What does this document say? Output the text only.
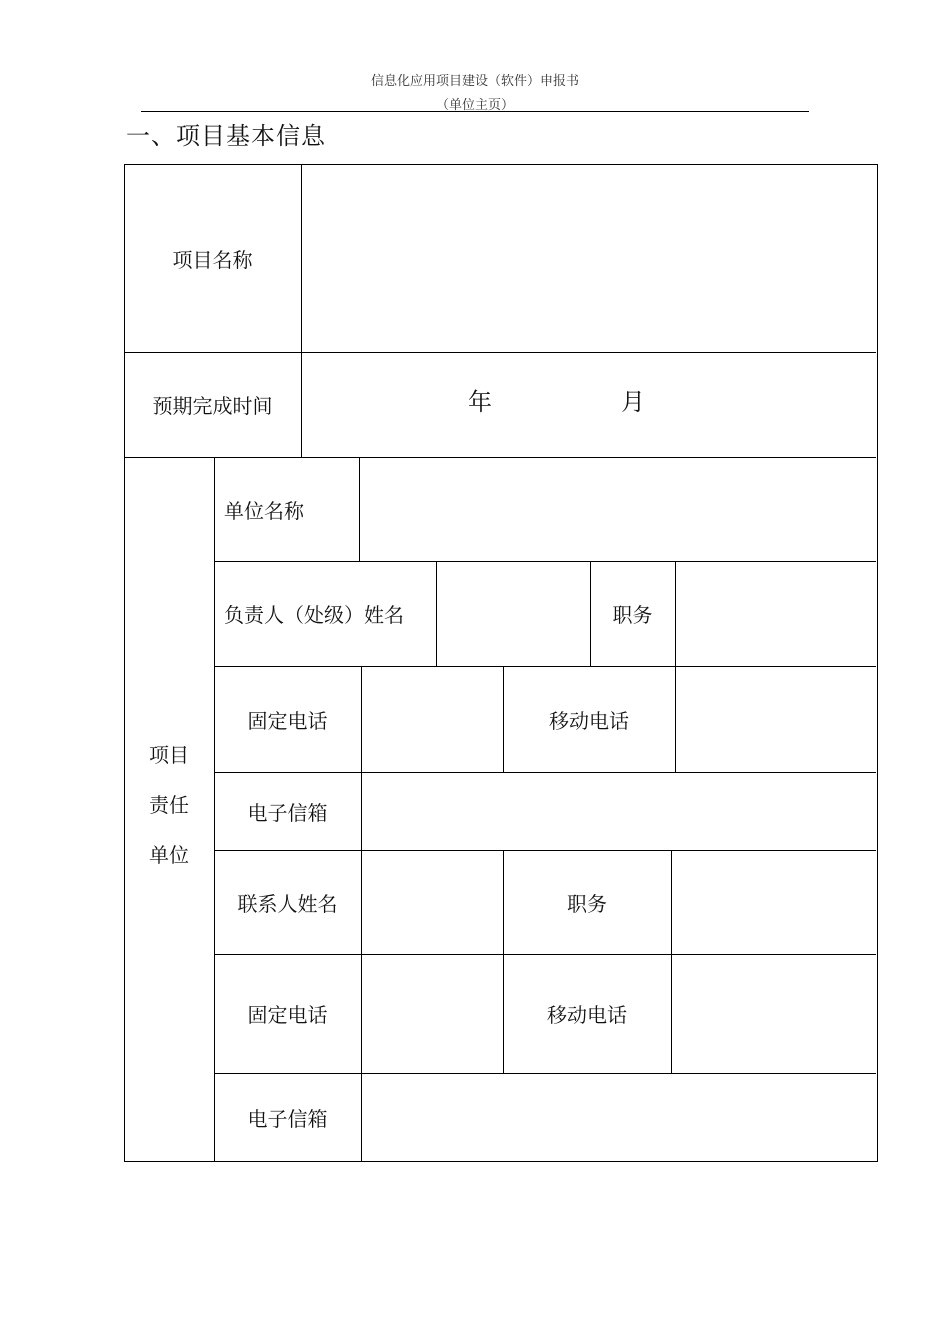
信息化应用项目建设（软件）申报书
（单位主页）
一、项目基本信息
项目名称
预期完成时间	年	月
项目
责任
单位
单位名称
负责人（处级）姓名	职务
固定电话	移动电话
电子信箱
联系人姓名	职务
固定电话	移动电话
电子信箱
